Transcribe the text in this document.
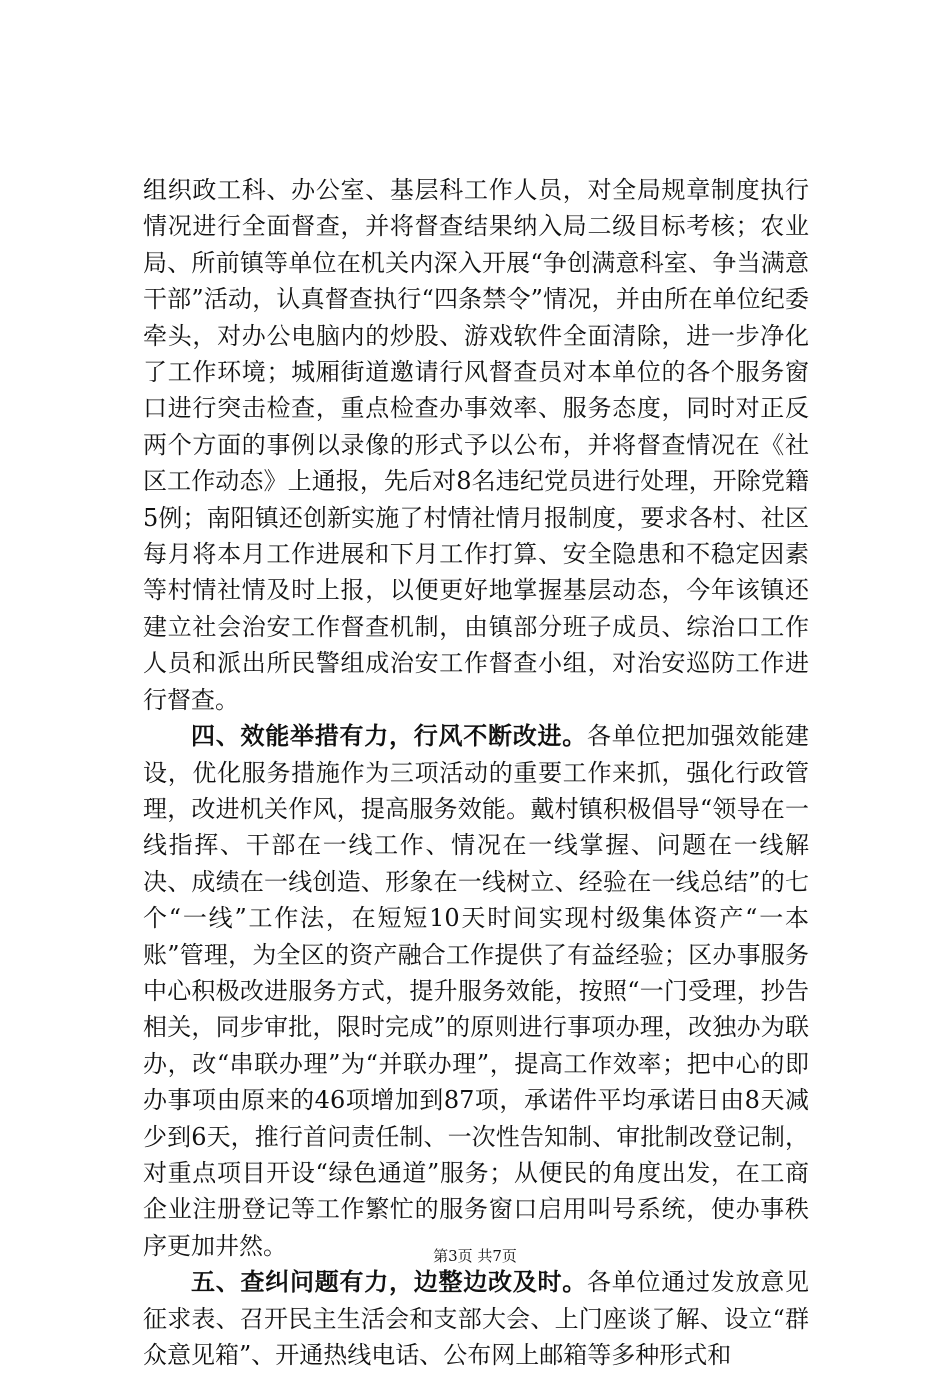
组织政工科、办公室、基层科工作人员，对全局规章制度执行情况进行全面督查，并将督查结果纳入局二级目标考核；农业局、所前镇等单位在机关内深入开展“争创满意科室、争当满意干部”活动，认真督查执行“四条禁令”情况，并由所在单位纪委牵头，对办公电脑内的炒股、游戏软件全面清除，进一步净化了工作环境；城厢街道邀请行风督查员对本单位的各个服务窗口进行突击检查，重点检查办事效率、服务态度，同时对正反两个方面的事例以录像的形式予以公布，并将督查情况在《社区工作动态》上通报，先后对8名违纪党员进行处理，开除党籍5例；南阳镇还创新实施了村情社情月报制度，要求各村、社区每月将本月工作进展和下月工作打算、安全隐患和不稳定因素等村情社情及时上报，以便更好地掌握基层动态，今年该镇还建立社会治安工作督查机制，由镇部分班子成员、综治口工作人员和派出所民警组成治安工作督查小组，对治安巡防工作进行督查。

四、效能举措有力，行风不断改进。各单位把加强效能建设，优化服务措施作为三项活动的重要工作来抓，强化行政管理，改进机关作风，提高服务效能。戴村镇积极倡导“领导在一线指挥、干部在一线工作、情况在一线掌握、问题在一线解决、成绩在一线创造、形象在一线树立、经验在一线总结”的七个“一线”工作法，在短短10天时间实现村级集体资产“一本账”管理，为全区的资产融合工作提供了有益经验；区办事服务中心积极改进服务方式，提升服务效能，按照“一门受理，抄告相关，同步审批，限时完成”的原则进行事项办理，改独办为联办，改“串联办理”为“并联办理”，提高工作效率；把中心的即办事项由原来的46项增加到87项，承诺件平均承诺日由8天减少到6天，推行首问责任制、一次性告知制、审批制改登记制，对重点项目开设“绿色通道”服务；从便民的角度出发，在工商企业注册登记等工作繁忙的服务窗口启用叫号系统，使办事秩序更加井然。

五、查纠问题有力，边整边改及时。各单位通过发放意见征求表、召开民主生活会和支部大会、上门座谈了解、设立“群众意见箱”、开通热线电话、公布网上邮箱等多种形式和

第3页 共7页
